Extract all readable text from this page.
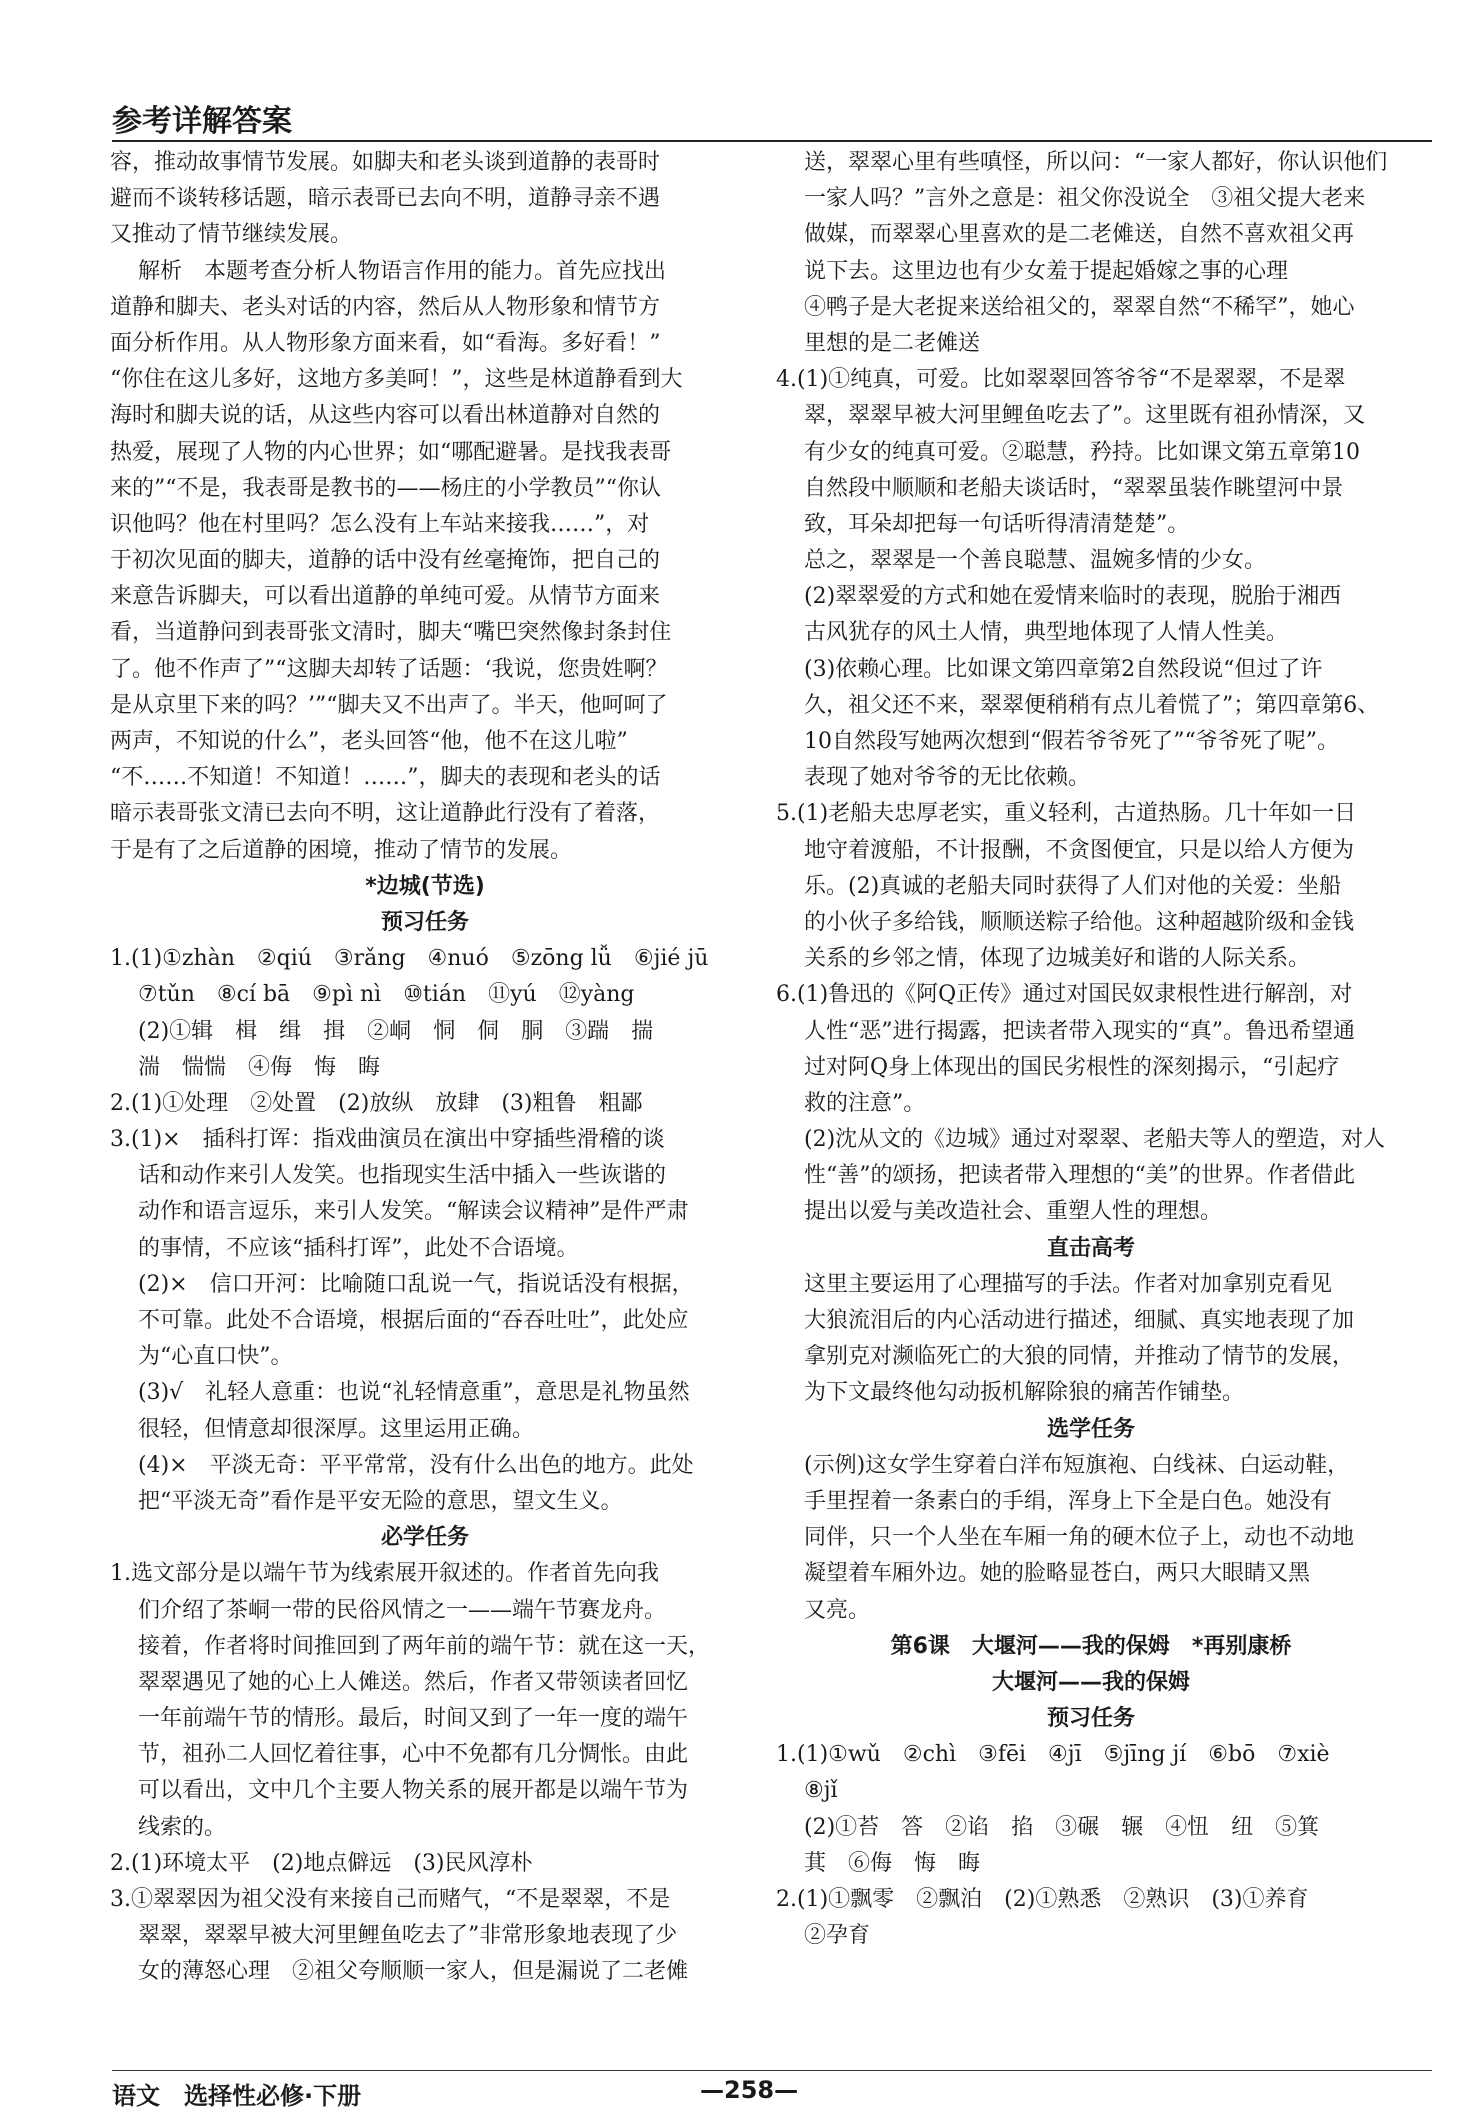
参考详解答案
容，推动故事情节发展。如脚夫和老头谈到道静的表哥时
避而不谈转移话题，暗示表哥已去向不明，道静寻亲不遇
又推动了情节继续发展。
解析　本题考查分析人物语言作用的能力。首先应找出
道静和脚夫、老头对话的内容，然后从人物形象和情节方
面分析作用。从人物形象方面来看，如“看海。多好看！”
“你住在这儿多好，这地方多美呵！”，这些是林道静看到大
海时和脚夫说的话，从这些内容可以看出林道静对自然的
热爱，展现了人物的内心世界；如“哪配避暑。是找我表哥
来的”“不是，我表哥是教书的——杨庄的小学教员”“你认
识他吗？他在村里吗？怎么没有上车站来接我……”，对
于初次见面的脚夫，道静的话中没有丝毫掩饰，把自己的
来意告诉脚夫，可以看出道静的单纯可爱。从情节方面来
看，当道静问到表哥张文清时，脚夫“嘴巴突然像封条封住
了。他不作声了”“这脚夫却转了话题：‘我说，您贵姓啊？
是从京里下来的吗？’”“脚夫又不出声了。半天，他呵呵了
两声，不知说的什么”，老头回答“他，他不在这儿啦”
“不……不知道！不知道！……”，脚夫的表现和老头的话
暗示表哥张文清已去向不明，这让道静此行没有了着落，
于是有了之后道静的困境，推动了情节的发展。
*边城(节选)
预习任务
1.(1)①zhàn　②qiú　③rǎng　④nuó　⑤zōng lǚ　⑥jié jū
⑦tǔn　⑧cí bā　⑨pì nì　⑩tián　⑪yú　⑫yàng
(2)①辑　楫　缉　揖　②峒　恫　侗　胴　③踹　揣
湍　惴惴　④侮　悔　晦
2.(1)①处理　②处置　(2)放纵　放肆　(3)粗鲁　粗鄙
3.(1)×　插科打诨：指戏曲演员在演出中穿插些滑稽的谈
话和动作来引人发笑。也指现实生活中插入一些诙谐的
动作和语言逗乐，来引人发笑。“解读会议精神”是件严肃
的事情，不应该“插科打诨”，此处不合语境。
(2)×　信口开河：比喻随口乱说一气，指说话没有根据，
不可靠。此处不合语境，根据后面的“吞吞吐吐”，此处应
为“心直口快”。
(3)√　礼轻人意重：也说“礼轻情意重”，意思是礼物虽然
很轻，但情意却很深厚。这里运用正确。
(4)×　平淡无奇：平平常常，没有什么出色的地方。此处
把“平淡无奇”看作是平安无险的意思，望文生义。
必学任务
1.选文部分是以端午节为线索展开叙述的。作者首先向我
们介绍了茶峒一带的民俗风情之一——端午节赛龙舟。
接着，作者将时间推回到了两年前的端午节：就在这一天，
翠翠遇见了她的心上人傩送。然后，作者又带领读者回忆
一年前端午节的情形。最后，时间又到了一年一度的端午
节，祖孙二人回忆着往事，心中不免都有几分惆怅。由此
可以看出，文中几个主要人物关系的展开都是以端午节为
线索的。
2.(1)环境太平　(2)地点僻远　(3)民风淳朴
3.①翠翠因为祖父没有来接自己而赌气，“不是翠翠，不是
翠翠，翠翠早被大河里鲤鱼吃去了”非常形象地表现了少
女的薄怒心理　②祖父夸顺顺一家人，但是漏说了二老傩
送，翠翠心里有些嗔怪，所以问：“一家人都好，你认识他们
一家人吗？”言外之意是：祖父你没说全　③祖父提大老来
做媒，而翠翠心里喜欢的是二老傩送，自然不喜欢祖父再
说下去。这里边也有少女羞于提起婚嫁之事的心理
④鸭子是大老捉来送给祖父的，翠翠自然“不稀罕”，她心
里想的是二老傩送
4.(1)①纯真，可爱。比如翠翠回答爷爷“不是翠翠，不是翠
翠，翠翠早被大河里鲤鱼吃去了”。这里既有祖孙情深，又
有少女的纯真可爱。②聪慧，矜持。比如课文第五章第10
自然段中顺顺和老船夫谈话时，“翠翠虽装作眺望河中景
致，耳朵却把每一句话听得清清楚楚”。
总之，翠翠是一个善良聪慧、温婉多情的少女。
(2)翠翠爱的方式和她在爱情来临时的表现，脱胎于湘西
古风犹存的风土人情，典型地体现了人情人性美。
(3)依赖心理。比如课文第四章第2自然段说“但过了许
久，祖父还不来，翠翠便稍稍有点儿着慌了”；第四章第6、
10自然段写她两次想到“假若爷爷死了”“爷爷死了呢”。
表现了她对爷爷的无比依赖。
5.(1)老船夫忠厚老实，重义轻利，古道热肠。几十年如一日
地守着渡船，不计报酬，不贪图便宜，只是以给人方便为
乐。(2)真诚的老船夫同时获得了人们对他的关爱：坐船
的小伙子多给钱，顺顺送粽子给他。这种超越阶级和金钱
关系的乡邻之情，体现了边城美好和谐的人际关系。
6.(1)鲁迅的《阿Q正传》通过对国民奴隶根性进行解剖，对
人性“恶”进行揭露，把读者带入现实的“真”。鲁迅希望通
过对阿Q身上体现出的国民劣根性的深刻揭示，“引起疗
救的注意”。
(2)沈从文的《边城》通过对翠翠、老船夫等人的塑造，对人
性“善”的颂扬，把读者带入理想的“美”的世界。作者借此
提出以爱与美改造社会、重塑人性的理想。
直击高考
这里主要运用了心理描写的手法。作者对加拿别克看见
大狼流泪后的内心活动进行描述，细腻、真实地表现了加
拿别克对濒临死亡的大狼的同情，并推动了情节的发展，
为下文最终他勾动扳机解除狼的痛苦作铺垫。
选学任务
(示例)这女学生穿着白洋布短旗袍、白线袜、白运动鞋，
手里捏着一条素白的手绢，浑身上下全是白色。她没有
同伴，只一个人坐在车厢一角的硬木位子上，动也不动地
凝望着车厢外边。她的脸略显苍白，两只大眼睛又黑
又亮。
第6课　大堰河——我的保姆　*再别康桥
大堰河——我的保姆
预习任务
1.(1)①wǔ　②chì　③fēi　④jī　⑤jīng jí　⑥bō　⑦xiè
⑧jǐ
(2)①苔　答　②谄　掐　③碾　辗　④忸　纽　⑤箕
萁　⑥侮　悔　晦
2.(1)①飘零　②飘泊　(2)①熟悉　②熟识　(3)①养育
②孕育
语文　选择性必修·下册	—258—
